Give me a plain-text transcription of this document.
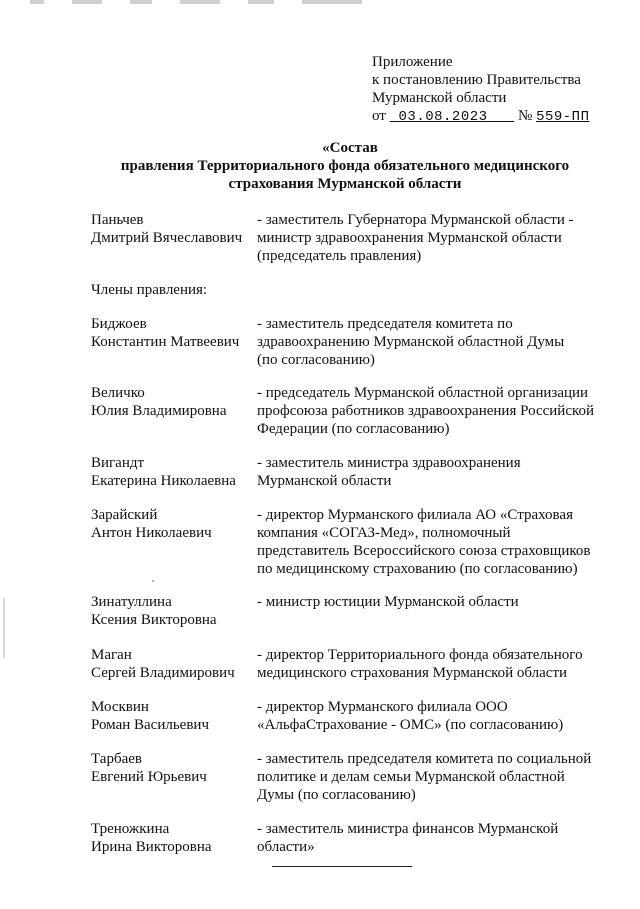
Приложение
к постановлению Правительства
Мурманской области
от 03.08.2023 № 559-ПП
«Состав
правления Территориального фонда обязательного медицинского
страхования Мурманской области
Паньчев
Дмитрий Вячеславович
- заместитель Губернатора Мурманской области -
министр здравоохранения Мурманской области
(председатель правления)
Члены правления:
Биджоев
Константин Матвеевич
- заместитель председателя комитета по
здравоохранению Мурманской областной Думы
(по согласованию)
Величко
Юлия Владимировна
- председатель Мурманской областной организации
профсоюза работников здравоохранения Российской
Федерации (по согласованию)
Вигандт
Екатерина Николаевна
- заместитель министра здравоохранения
Мурманской области
Зарайский
Антон Николаевич
- директор Мурманского филиала АО «Страховая
компания «СОГАЗ-Мед», полномочный
представитель Всероссийского союза страховщиков
по медицинскому страхованию (по согласованию)
Зинатуллина
Ксения Викторовна
- министр юстиции Мурманской области
Маган
Сергей Владимирович
- директор Территориального фонда обязательного
медицинского страхования Мурманской области
Москвин
Роман Васильевич
- директор Мурманского филиала ООО
«АльфаСтрахование - ОМС» (по согласованию)
Тарбаев
Евгений Юрьевич
- заместитель председателя комитета по социальной
политике и делам семьи Мурманской областной
Думы (по согласованию)
Треножкина
Ирина Викторовна
- заместитель министра финансов Мурманской
области»
